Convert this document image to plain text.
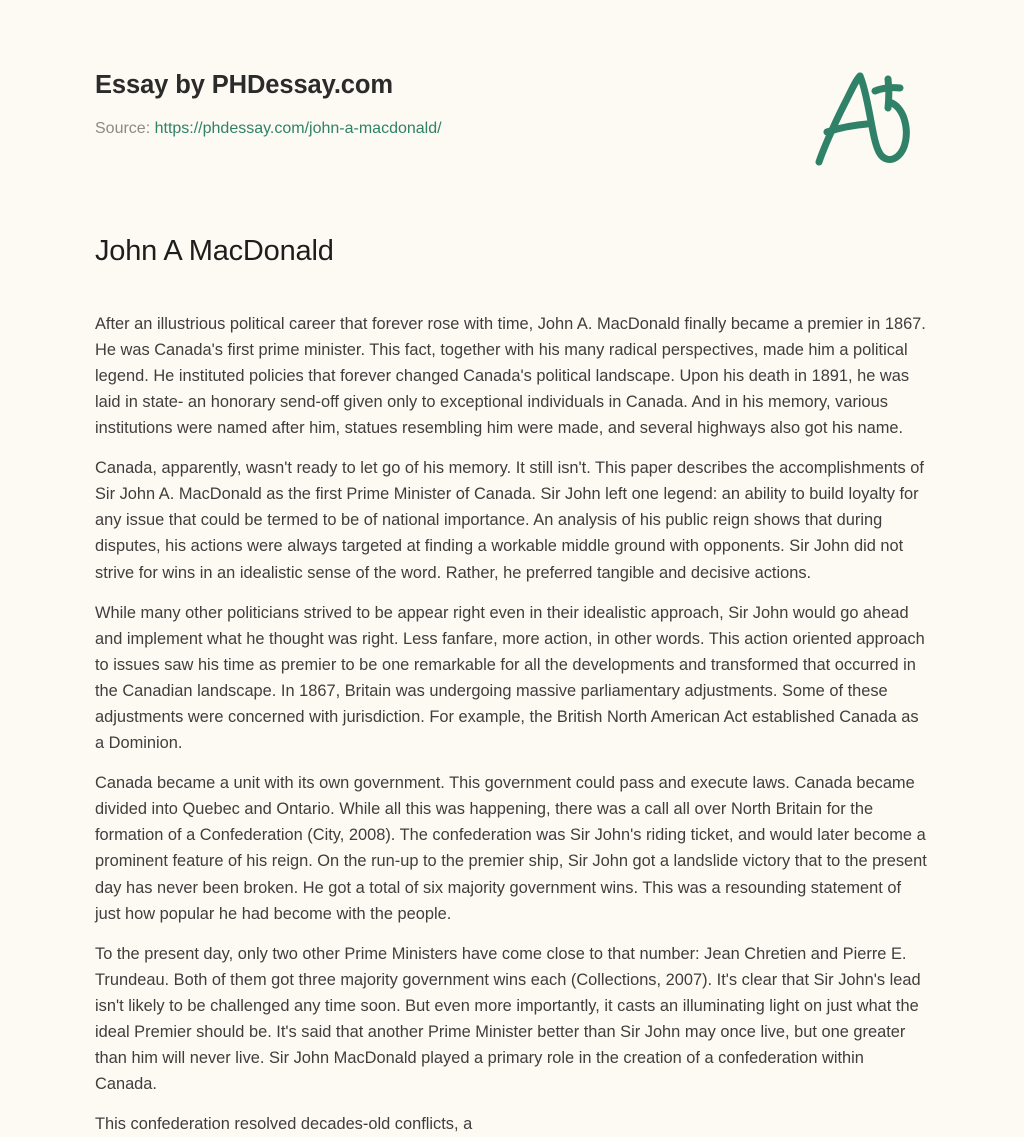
Essay by PHDessay.com
Source: https://phdessay.com/john-a-macdonald/
John A MacDonald

After an illustrious political career that forever rose with time, John A. MacDonald finally became a premier in 1867. He was Canada's first prime minister. This fact, together with his many radical perspectives, made him a political legend. He instituted policies that forever changed Canada's political landscape. Upon his death in 1891, he was laid in state- an honorary send-off given only to exceptional individuals in Canada. And in his memory, various institutions were named after him, statues resembling him were made, and several highways also got his name.

Canada, apparently, wasn't ready to let go of his memory. It still isn't. This paper describes the accomplishments of Sir John A. MacDonald as the first Prime Minister of Canada. Sir John left one legend: an ability to build loyalty for any issue that could be termed to be of national importance. An analysis of his public reign shows that during disputes, his actions were always targeted at finding a workable middle ground with opponents. Sir John did not strive for wins in an idealistic sense of the word. Rather, he preferred tangible and decisive actions.

While many other politicians strived to be appear right even in their idealistic approach, Sir John would go ahead and implement what he thought was right. Less fanfare, more action, in other words. This action oriented approach to issues saw his time as premier to be one remarkable for all the developments and transformed that occurred in the Canadian landscape. In 1867, Britain was undergoing massive parliamentary adjustments. Some of these adjustments were concerned with jurisdiction. For example, the British North American Act established Canada as a Dominion.

Canada became a unit with its own government. This government could pass and execute laws. Canada became divided into Quebec and Ontario. While all this was happening, there was a call all over North Britain for the formation of a Confederation (City, 2008). The confederation was Sir John's riding ticket, and would later become a prominent feature of his reign. On the run-up to the premier ship, Sir John got a landslide victory that to the present day has never been broken. He got a total of six majority government wins. This was a resounding statement of just how popular he had become with the people.

To the present day, only two other Prime Ministers have come close to that number: Jean Chretien and Pierre E. Trundeau. Both of them got three majority government wins each (Collections, 2007). It's clear that Sir John's lead isn't likely to be challenged any time soon. But even more importantly, it casts an illuminating light on just what the ideal Premier should be. It's said that another Prime Minister better than Sir John may once live, but one greater than him will never live. Sir John MacDonald played a primary role in the creation of a confederation within Canada.

This confederation resolved decades-old conflicts, a
